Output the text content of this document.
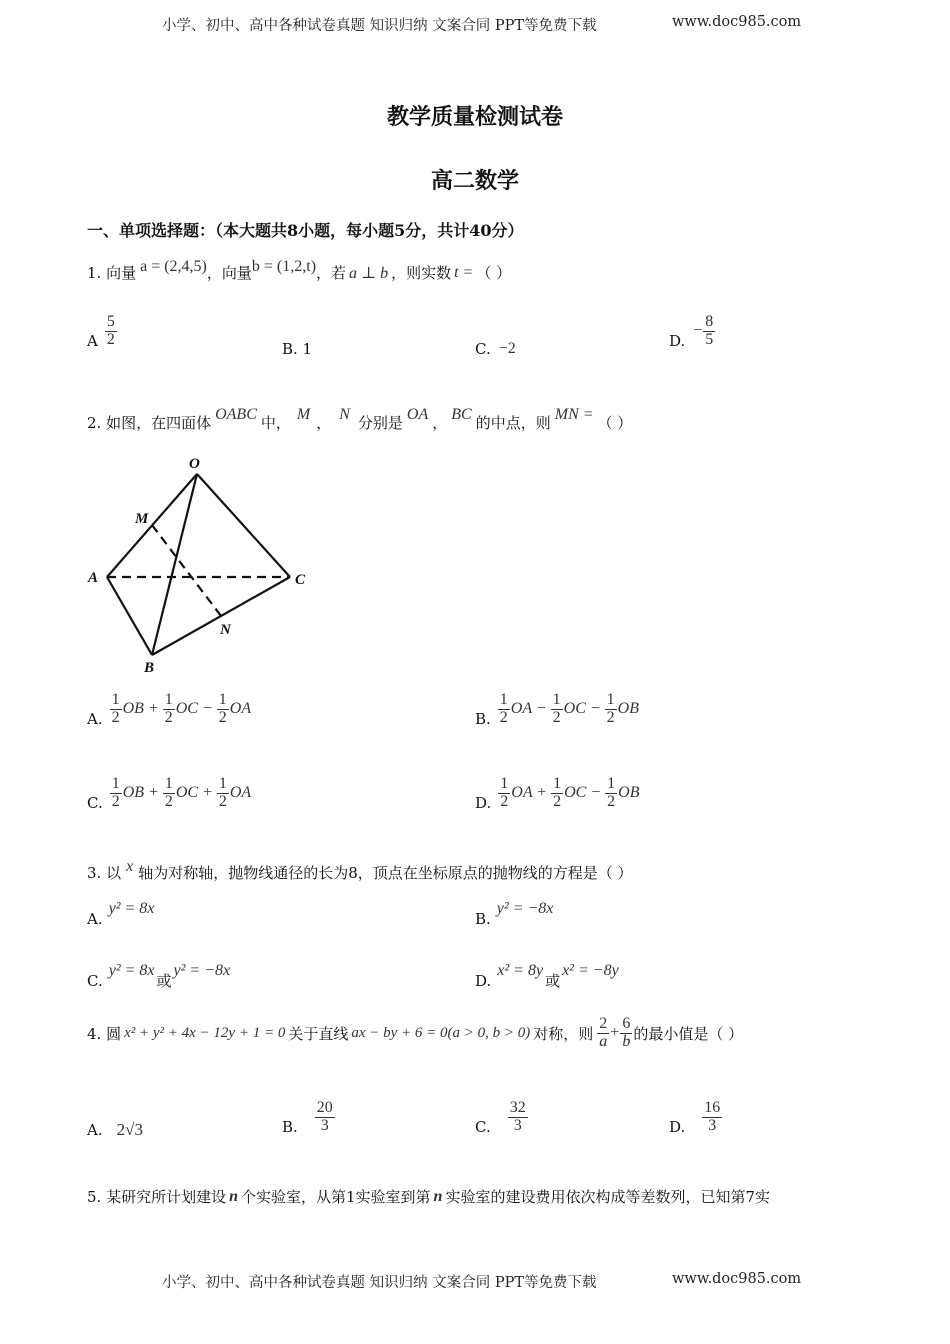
小学、初中、高中各种试卷真题 知识归纳 文案合同 PPT等免费下载	www.doc985.com
教学质量检测试卷
高二数学
一、单项选择题：（本大题共8小题，每小题5分，共计40分）
1. 向量 a = (2,4,5) ，向量 b = (1,2,t) ，若 a ⊥ b ，则实数 t = （ ）
A $\frac{5}{2}$
B. 1	C. −2	D.
− $\frac{8}{5}$
2. 如图，在四面体 OABC 中， M ， N 分别是 OA ， BC 的中点，则 MN = （ ）
O
A
B
C
M
N
A. $\frac{1}{2}$ OB + $\frac{1}{2}$ OC − $\frac{1}{2}$ OA
B. $\frac{1}{2}$ OA − $\frac{1}{2}$ OC − $\frac{1}{2}$ OB
C. $\frac{1}{2}$ OB + $\frac{1}{2}$ OC + $\frac{1}{2}$ OA
D. $\frac{1}{2}$ OA + $\frac{1}{2}$ OC − $\frac{1}{2}$ OB
3. 以 x 轴为对称轴，抛物线通径的长为8，顶点在坐标原点的抛物线的方程是（ ）
A.
y² = 8x
B.
y² = −8x
C.
y² = 8x
或
y² = −8x
D.
x² = 8y
或
x² = −8y
4. 圆 x² + y² + 4x − 12y + 1 = 0 关于直线 ax − by + 6 = 0(a > 0, b > 0) 对称，则 $\frac{2}{a} + \frac{6}{b}$ 的最小值是（ ）
A. 2√3	B. $\frac{20}{3}$	C. $\frac{32}{3}$	D. $\frac{16}{3}$
5. 某研究所计划建设 n 个实验室，从第1实验室到第 n 实验室的建设费用依次构成等差数列，已知第7实
小学、初中、高中各种试卷真题 知识归纳 文案合同 PPT等免费下载	www.doc985.com
